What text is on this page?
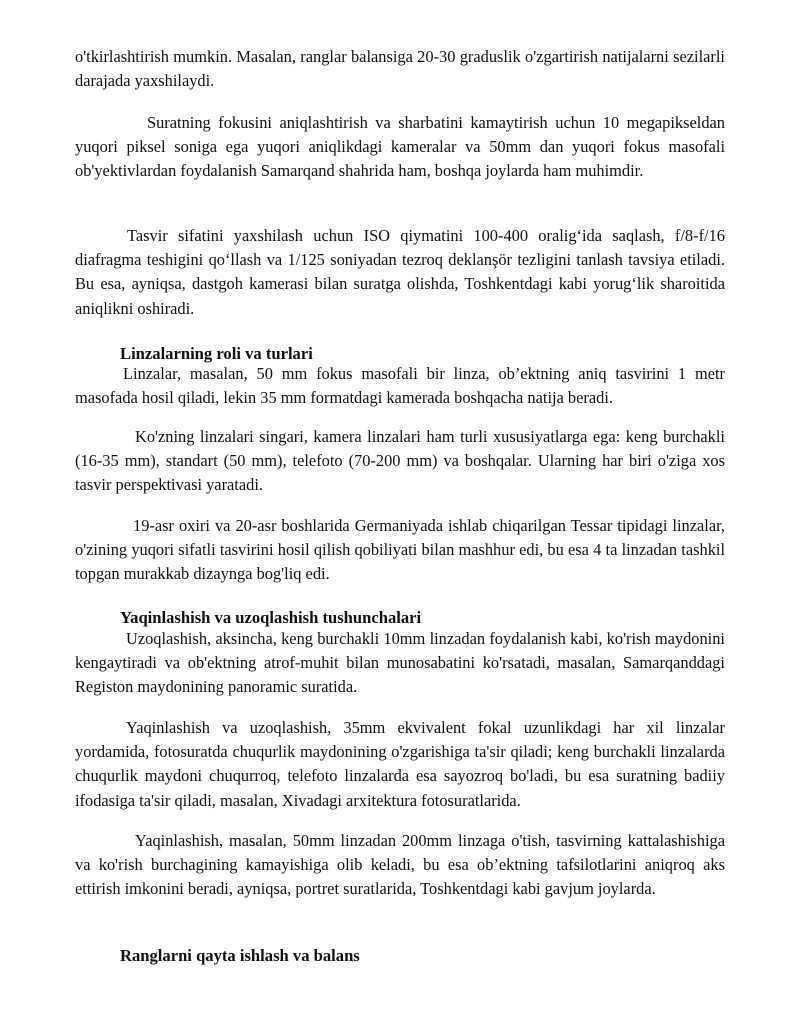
o'tkirlashtirish mumkin. Masalan, ranglar balansiga 20-30 graduslik o'zgartirish natijalarni sezilarli darajada yaxshilaydi.

Suratning fokusini aniqlashtirish va sharbatini kamaytirish uchun 10 megapikseldan yuqori piksel soniga ega yuqori aniqlikdagi kameralar va 50mm dan yuqori fokus masofali ob'yektivlardan foydalanish Samarqand shahrida ham, boshqa joylarda ham muhimdir.

Tasvir sifatini yaxshilash uchun ISO qiymatini 100-400 oralig‘ida saqlash, f/8-f/16 diafragma teshigini qo‘llash va 1/125 soniyadan tezroq deklanşör tezligini tanlash tavsiya etiladi. Bu esa, ayniqsa, dastgoh kamerasi bilan suratga olishda, Toshkentdagi kabi yorug‘lik sharoitida aniqlikni oshiradi.

Linzalarning roli va turlari

Linzalar, masalan, 50 mm fokus masofali bir linza, ob’ektning aniq tasvirini 1 metr masofada hosil qiladi, lekin 35 mm formatdagi kamerada boshqacha natija beradi.

Ko'zning linzalari singari, kamera linzalari ham turli xususiyatlarga ega: keng burchakli (16-35 mm), standart (50 mm), telefoto (70-200 mm) va boshqalar. Ularning har biri o'ziga xos tasvir perspektivasi yaratadi.

19-asr oxiri va 20-asr boshlarida Germaniyada ishlab chiqarilgan Tessar tipidagi linzalar, o'zining yuqori sifatli tasvirini hosil qilish qobiliyati bilan mashhur edi, bu esa 4 ta linzadan tashkil topgan murakkab dizaynga bog'liq edi.

Yaqinlashish va uzoqlashish tushunchalari

Uzoqlashish, aksincha, keng burchakli 10mm linzadan foydalanish kabi, ko'rish maydonini kengaytiradi va ob'ektning atrof-muhit bilan munosabatini ko'rsatadi, masalan, Samarqanddagi Registon maydonining panoramic suratida.

Yaqinlashish va uzoqlashish, 35mm ekvivalent fokal uzunlikdagi har xil linzalar yordamida, fotosuratda chuqurlik maydonining o'zgarishiga ta'sir qiladi; keng burchakli linzalarda chuqurlik maydoni chuqurroq, telefoto linzalarda esa sayozroq bo'ladi, bu esa suratning badiiy ifodasiga ta'sir qiladi, masalan, Xivadagi arxitektura fotosuratlarida.

Yaqinlashish, masalan, 50mm linzadan 200mm linzaga o'tish, tasvirning kattalashishiga va ko'rish burchagining kamayishiga olib keladi, bu esa ob’ektning tafsilotlarini aniqroq aks ettirish imkonini beradi, ayniqsa, portret suratlarida, Toshkentdagi kabi gavjum joylarda.

Ranglarni qayta ishlash va balans
